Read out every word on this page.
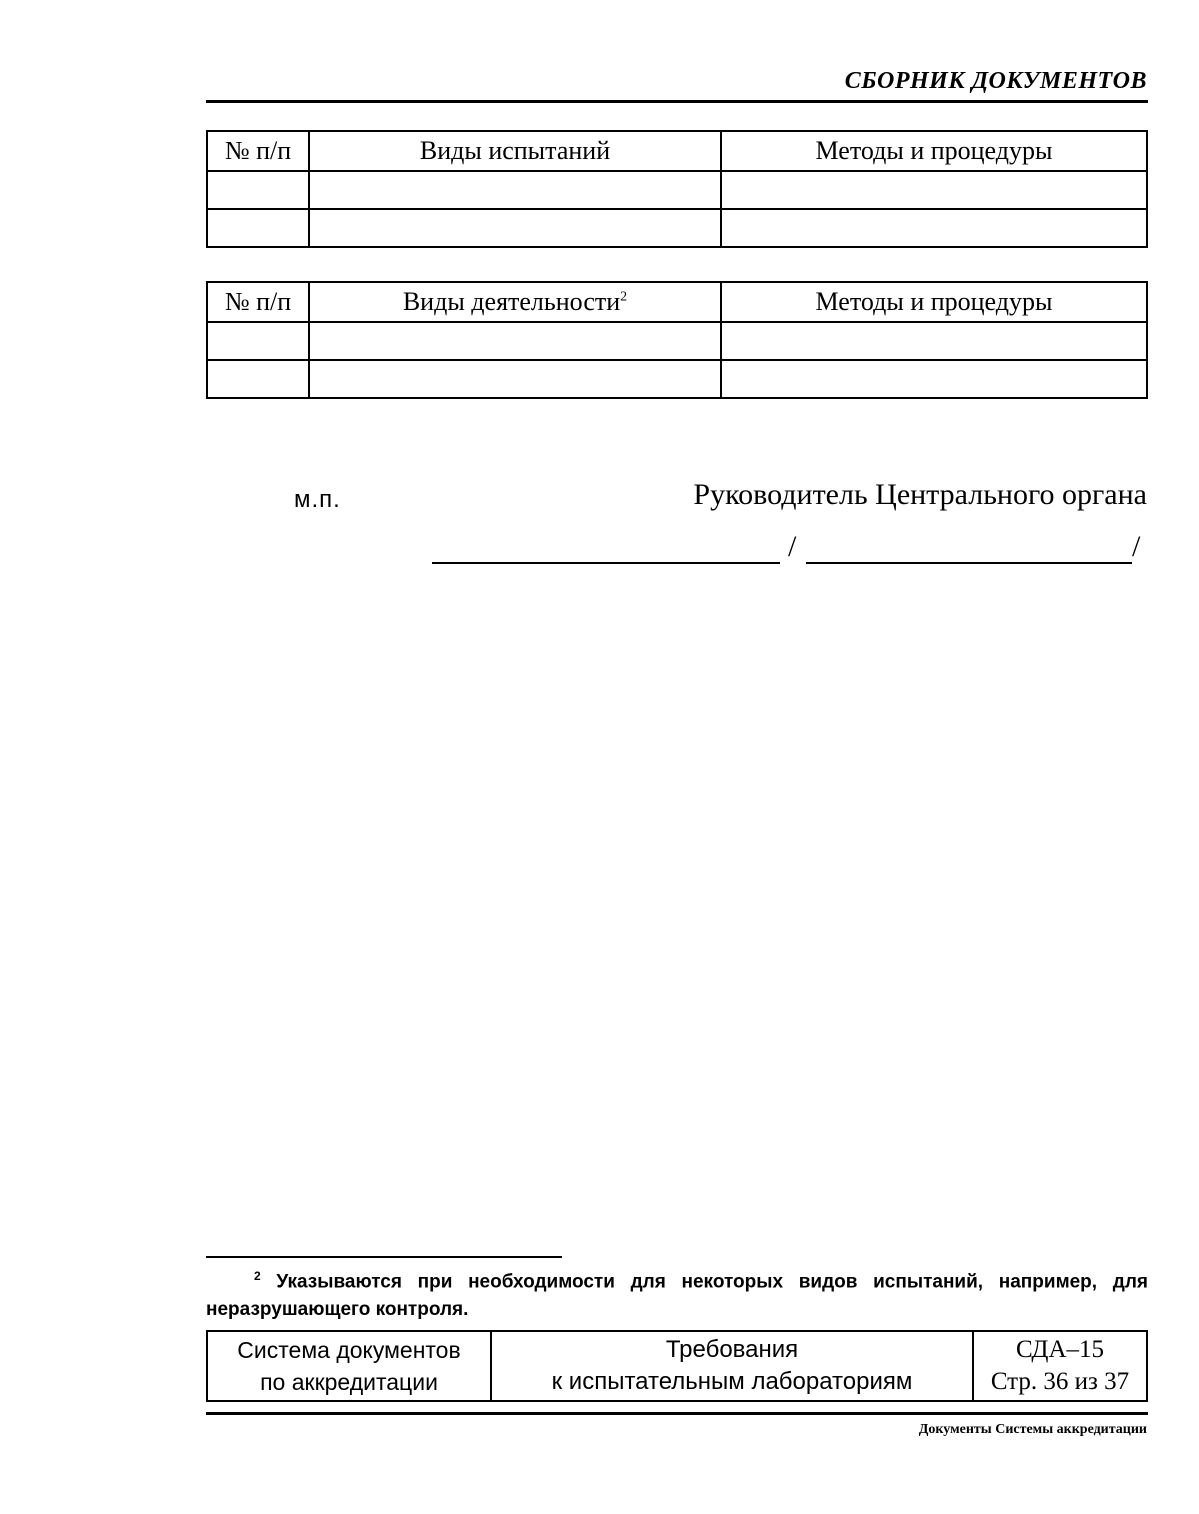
СБОРНИК ДОКУМЕНТОВ
№ п/п	Виды испытаний	Методы и процедуры

№ п/п	Виды деятельности$^2$	Методы и процедуры

м.п.	Руководитель Центрального органа
/	/
$^2$ Указываются при необходимости для некоторых видов испытаний, например, для неразрушающего контроля.
Система документов
по аккредитации

Требования
к испытательным лабораториям

СДА–15
Стр. 36 из 37
Документы Системы аккредитации
